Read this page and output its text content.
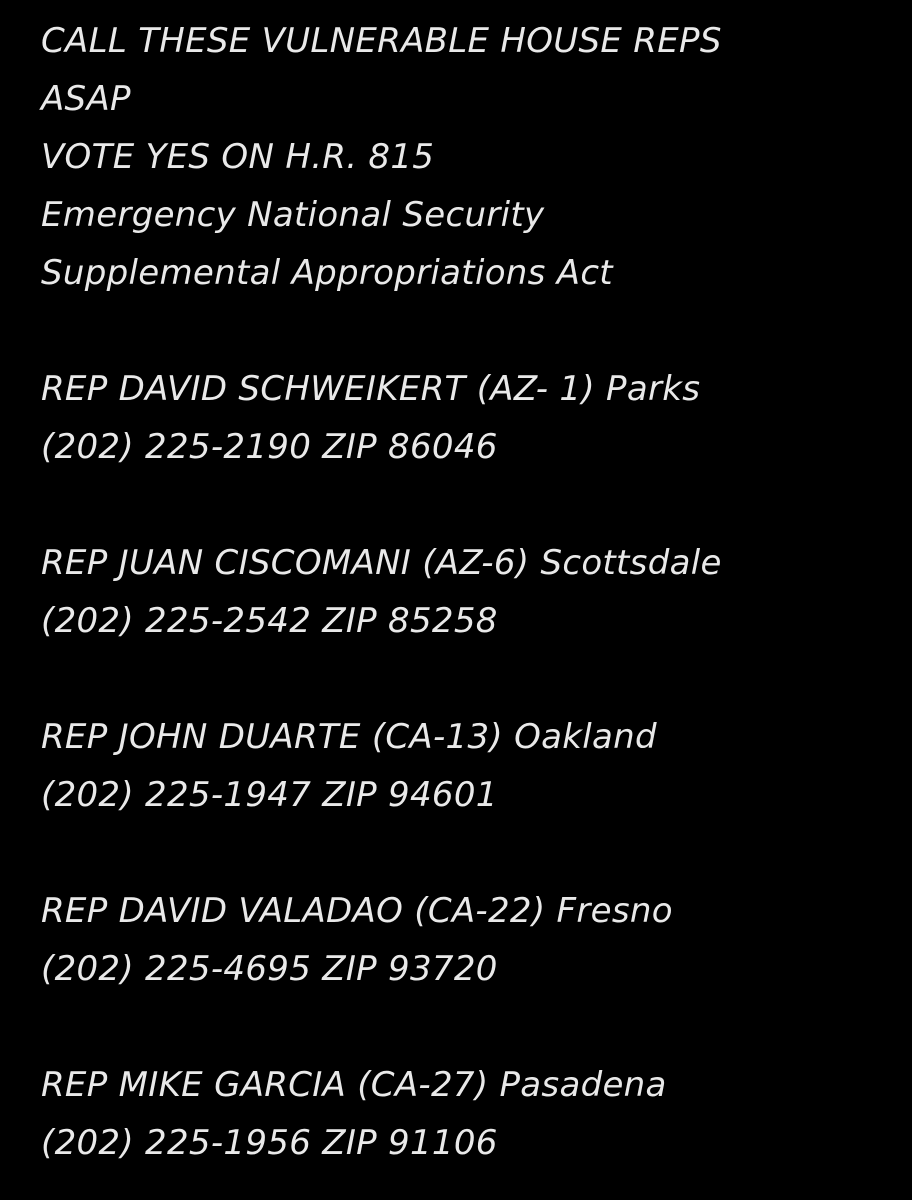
CALL THESE VULNERABLE HOUSE REPS
ASAP
VOTE YES ON H.R. 815
Emergency National Security
Supplemental Appropriations Act
REP DAVID SCHWEIKERT (AZ- 1) Parks
(202) 225-2190 ZIP 86046
REP JUAN CISCOMANI (AZ-6) Scottsdale
(202) 225-2542 ZIP 85258
REP JOHN DUARTE (CA-13) Oakland
(202) 225-1947 ZIP 94601
REP DAVID VALADAO (CA-22) Fresno
(202) 225-4695 ZIP 93720
REP MIKE GARCIA (CA-27) Pasadena
(202) 225-1956 ZIP 91106
